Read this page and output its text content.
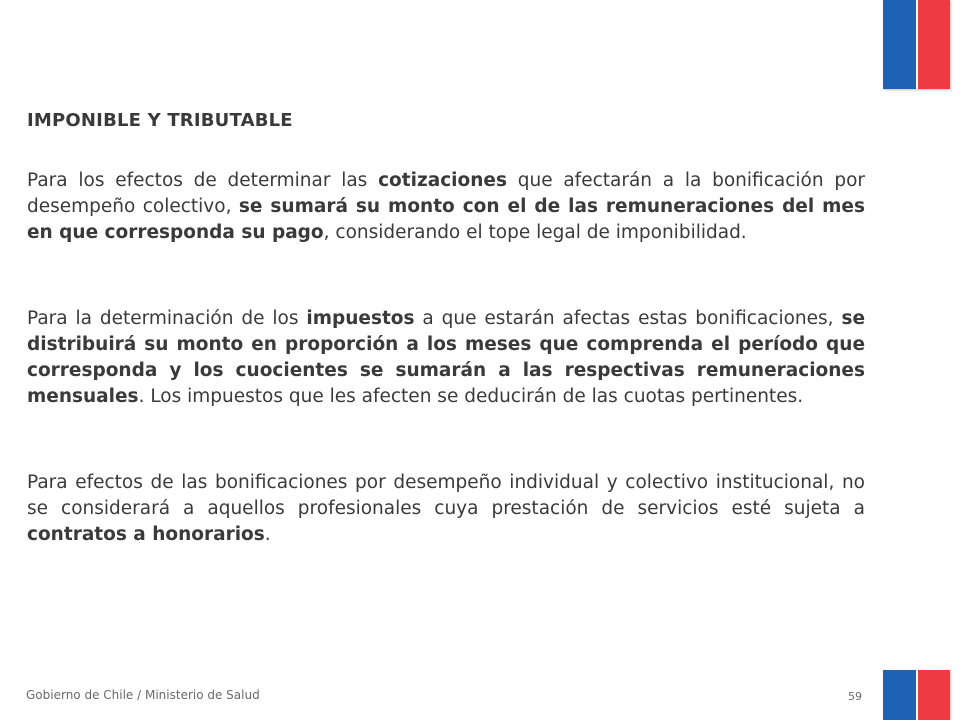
IMPONIBLE Y TRIBUTABLE
Para los efectos de determinar las cotizaciones que afectarán a la bonificación por desempeño colectivo, se sumará su monto con el de las remuneraciones del mes en que corresponda su pago, considerando el tope legal de imponibilidad.
Para la determinación de los impuestos a que estarán afectas estas bonificaciones, se distribuirá su monto en proporción a los meses que comprenda el período que corresponda y los cuocientes se sumarán a las respectivas remuneraciones mensuales. Los impuestos que les afecten se deducirán de las cuotas pertinentes.
Para efectos de las bonificaciones por desempeño individual y colectivo institucional, no se considerará a aquellos profesionales cuya prestación de servicios esté sujeta a contratos a honorarios.
Gobierno de Chile / Ministerio de Salud	59
